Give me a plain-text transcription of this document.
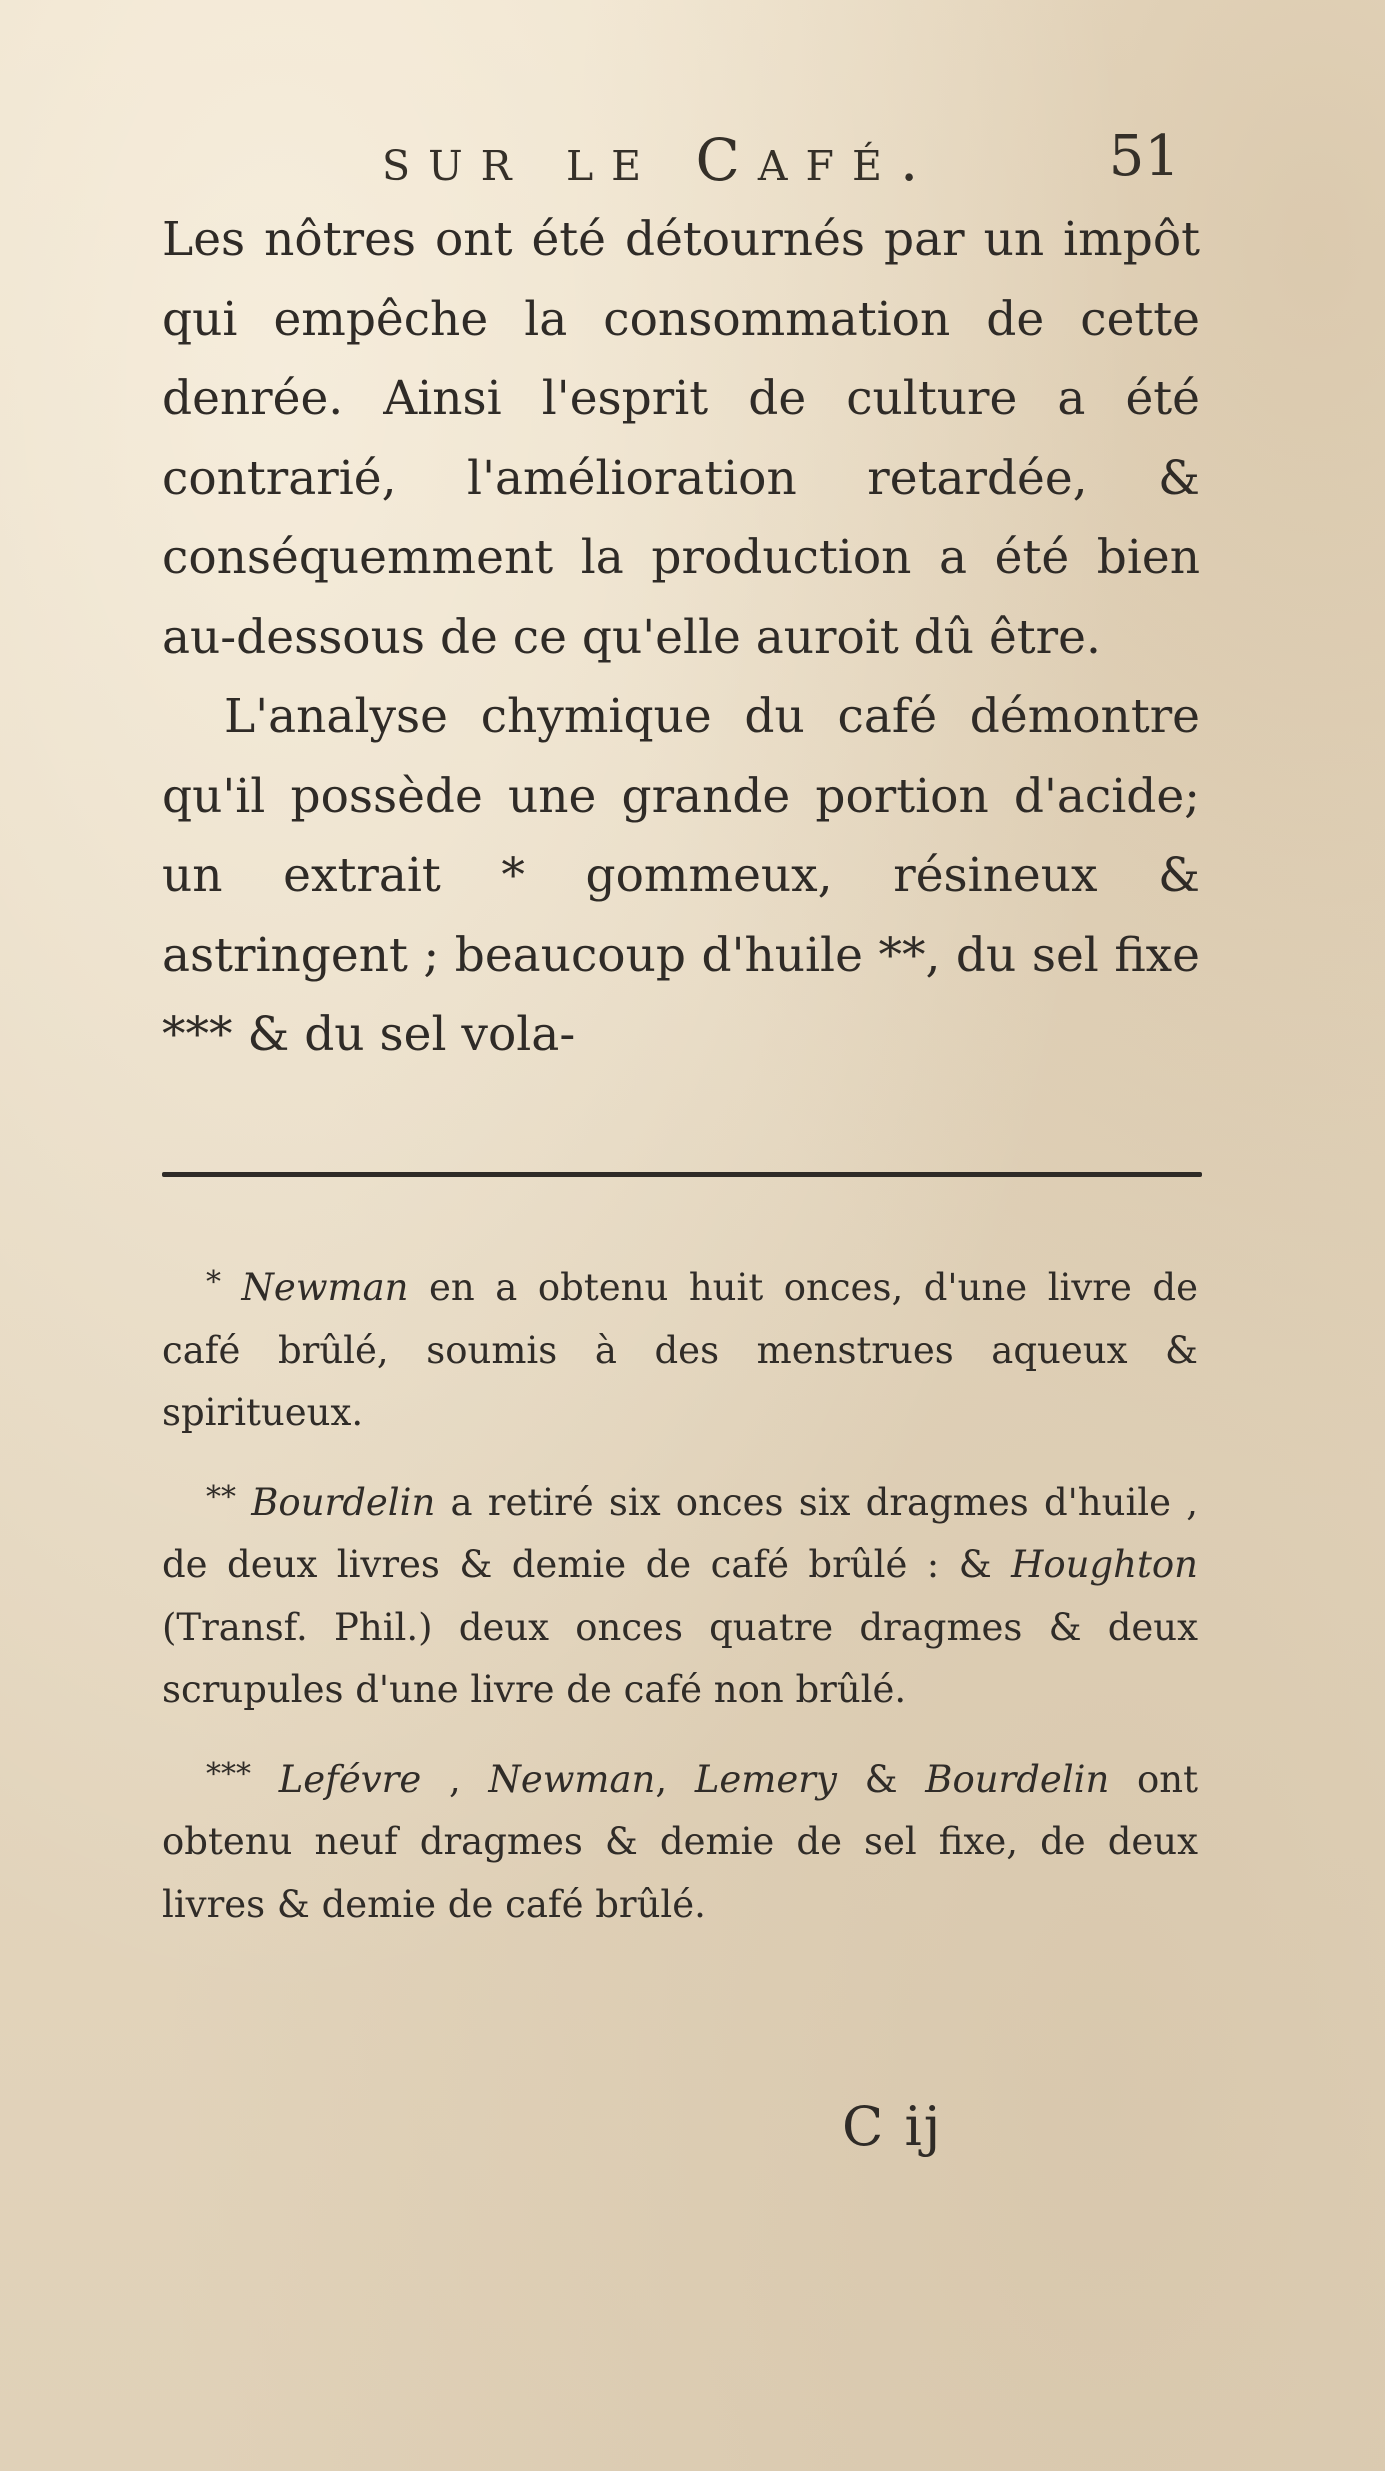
sur le Café.	51

Les nôtres ont été détournés par un impôt qui empêche la consommation de cette denrée. Ainsi l'esprit de culture a été contrarié, l'amélioration retardée, & conséquemment la production a été bien au-dessous de ce qu'elle auroit dû être.

L'analyse chymique du café démontre qu'il possède une grande portion d'acide; un extrait * gommeux, résineux & astringent ; beaucoup d'huile **, du sel fixe *** & du sel vola-

* Newman en a obtenu huit onces, d'une livre de café brûlé, soumis à des menstrues aqueux & spiritueux.

** Bourdelin a retiré six onces six dragmes d'huile , de deux livres & demie de café brûlé : & Houghton (Transf. Phil.) deux onces quatre dragmes & deux scrupules d'une livre de café non brûlé.

*** Lefévre , Newman, Lemery & Bourdelin ont obtenu neuf dragmes & demie de sel fixe, de deux livres & demie de café brûlé.

C ij
